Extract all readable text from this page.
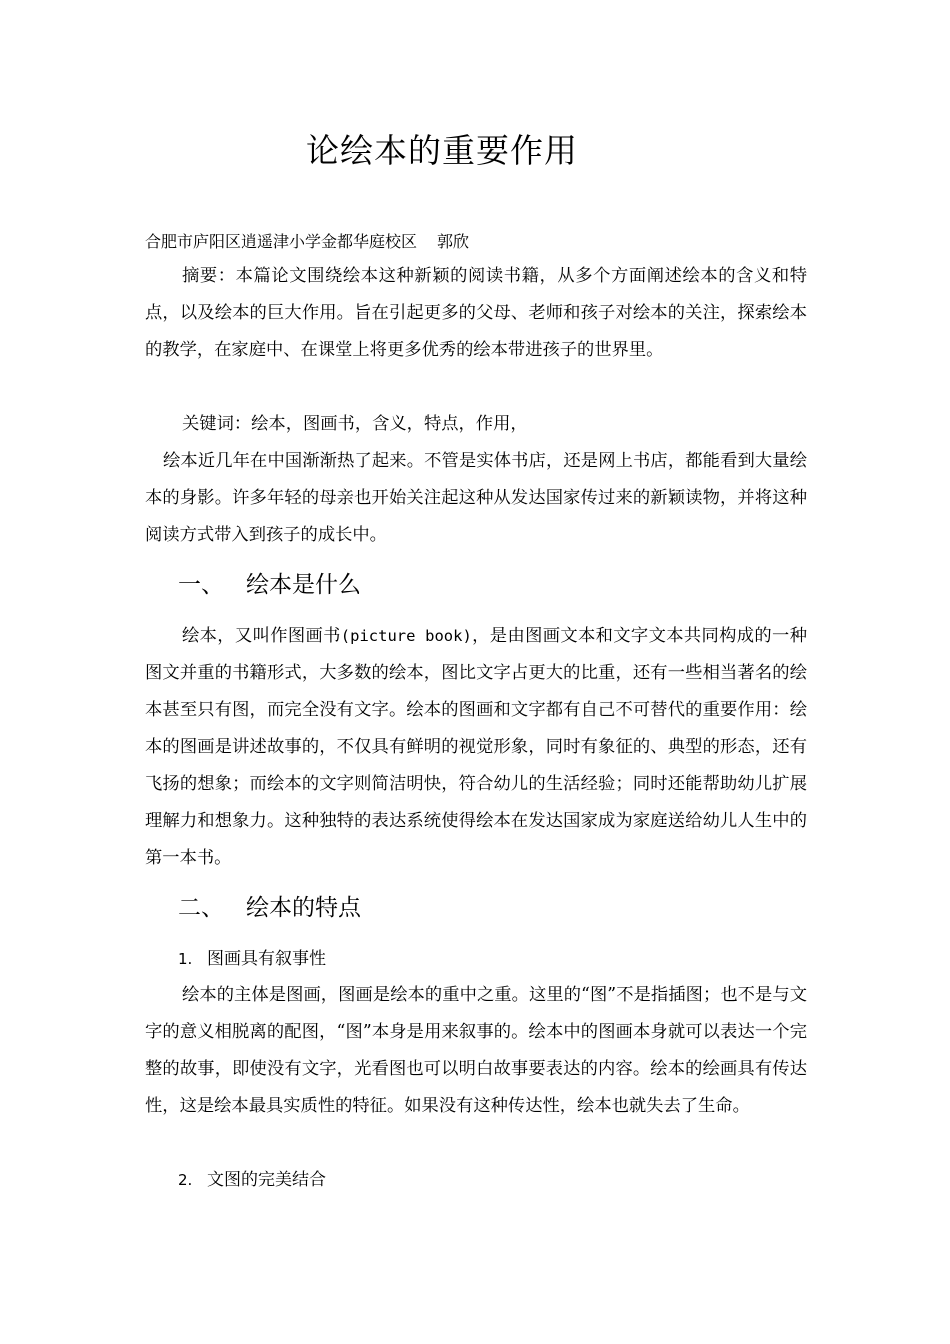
论绘本的重要作用
合肥市庐阳区逍遥津小学金都华庭校区 郭欣
摘要：本篇论文围绕绘本这种新颖的阅读书籍，从多个方面阐述绘本的含义和特点，以及绘本的巨大作用。旨在引起更多的父母、老师和孩子对绘本的关注，探索绘本的教学，在家庭中、在课堂上将更多优秀的绘本带进孩子的世界里。
关键词：绘本，图画书，含义，特点，作用，
绘本近几年在中国渐渐热了起来。不管是实体书店，还是网上书店，都能看到大量绘本的身影。许多年轻的母亲也开始关注起这种从发达国家传过来的新颖读物，并将这种阅读方式带入到孩子的成长中。
一、 绘本是什么
绘本，又叫作图画书(picture book)，是由图画文本和文字文本共同构成的一种图文并重的书籍形式，大多数的绘本，图比文字占更大的比重，还有一些相当著名的绘本甚至只有图，而完全没有文字。绘本的图画和文字都有自己不可替代的重要作用：绘本的图画是讲述故事的，不仅具有鲜明的视觉形象，同时有象征的、典型的形态，还有飞扬的想象；而绘本的文字则简洁明快，符合幼儿的生活经验；同时还能帮助幼儿扩展理解力和想象力。这种独特的表达系统使得绘本在发达国家成为家庭送给幼儿人生中的第一本书。
二、 绘本的特点
1. 图画具有叙事性
绘本的主体是图画，图画是绘本的重中之重。这里的“图”不是指插图；也不是与文字的意义相脱离的配图，“图”本身是用来叙事的。绘本中的图画本身就可以表达一个完整的故事，即使没有文字，光看图也可以明白故事要表达的内容。绘本的绘画具有传达性，这是绘本最具实质性的特征。如果没有这种传达性，绘本也就失去了生命。
2. 文图的完美结合
